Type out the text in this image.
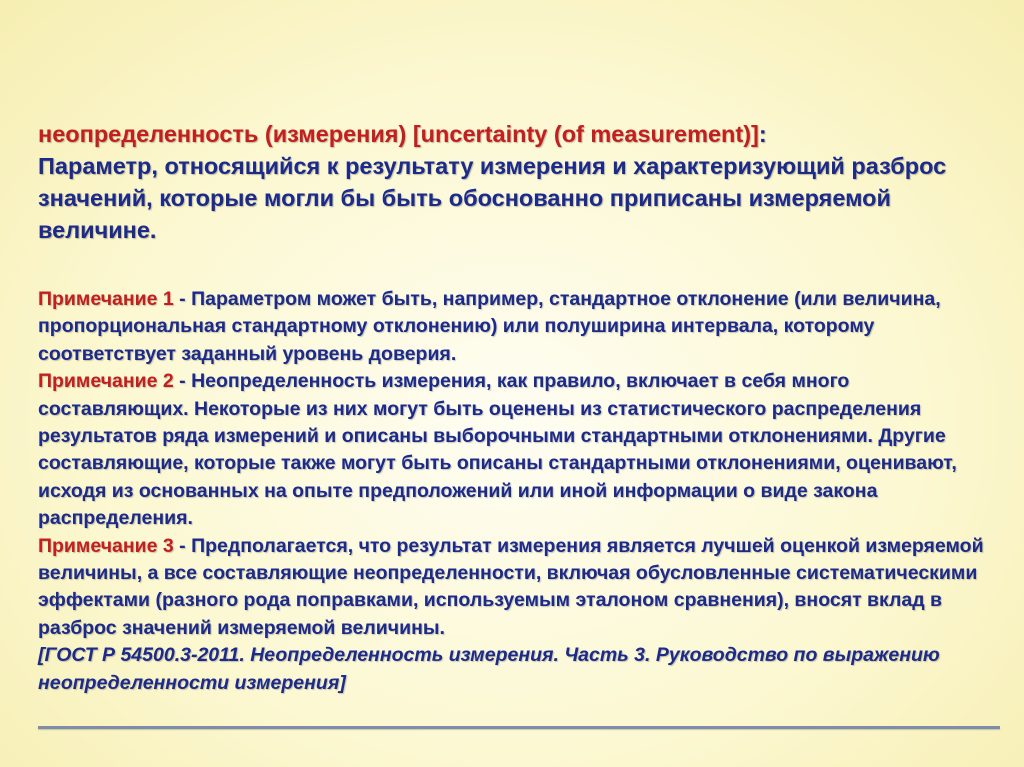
неопределенность (измерения) [uncertainty (of measurement)]:
Параметр, относящийся к результату измерения и характеризующий разброс значений, которые могли бы быть обоснованно приписаны измеряемой величине.

Примечание 1 - Параметром может быть, например, стандартное отклонение (или величина, пропорциональная стандартному отклонению) или полуширина интервала, которому соответствует заданный уровень доверия.

Примечание 2 - Неопределенность измерения, как правило, включает в себя много составляющих. Некоторые из них могут быть оценены из статистического распределения результатов ряда измерений и описаны выборочными стандартными отклонениями. Другие составляющие, которые также могут быть описаны стандартными отклонениями, оценивают, исходя из основанных на опыте предположений или иной информации о виде закона распределения.

Примечание 3 - Предполагается, что результат измерения является лучшей оценкой измеряемой величины, а все составляющие неопределенности, включая обусловленные систематическими эффектами (разного рода поправками, используемым эталоном сравнения), вносят вклад в разброс значений измеряемой величины.

[ГОСТ Р 54500.3-2011. Неопределенность измерения. Часть 3. Руководство по выражению неопределенности измерения]
